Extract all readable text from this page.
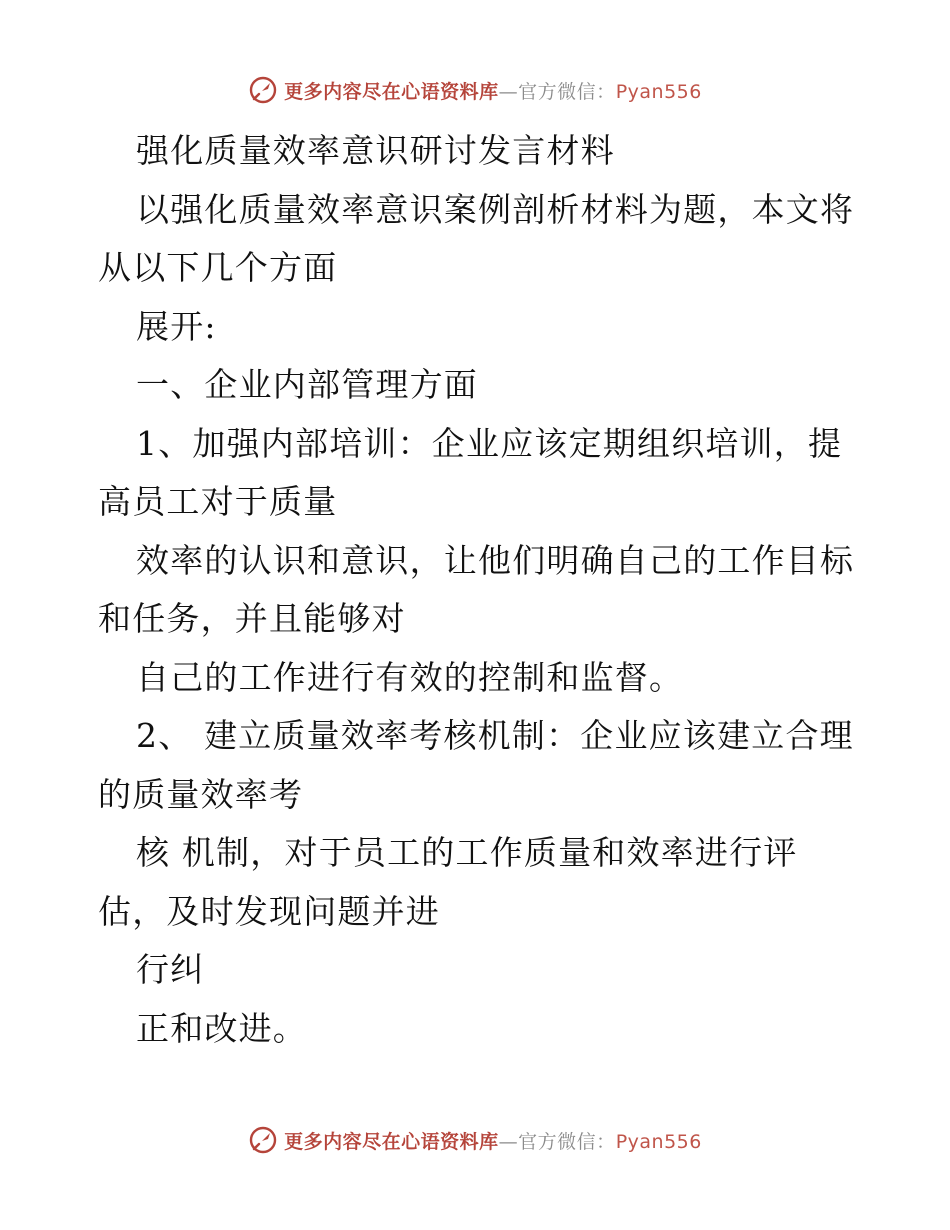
更多内容尽在心语资料库—官方微信：Pyan556
强化质量效率意识研讨发言材料
以强化质量效率意识案例剖析材料为题，本文将
从以下几个方面
展开:
一、企业内部管理方面
1、加强内部培训：企业应该定期组织培训，提
高员工对于质量
效率的认识和意识，让他们明确自己的工作目标
和任务，并且能够对
自己的工作进行有效的控制和监督。
2、 建立质量效率考核机制：企业应该建立合理
的质量效率考
核 机制，对于员工的工作质量和效率进行评
估，及时发现问题并进
行纠
正和改进。
更多内容尽在心语资料库—官方微信：Pyan556
